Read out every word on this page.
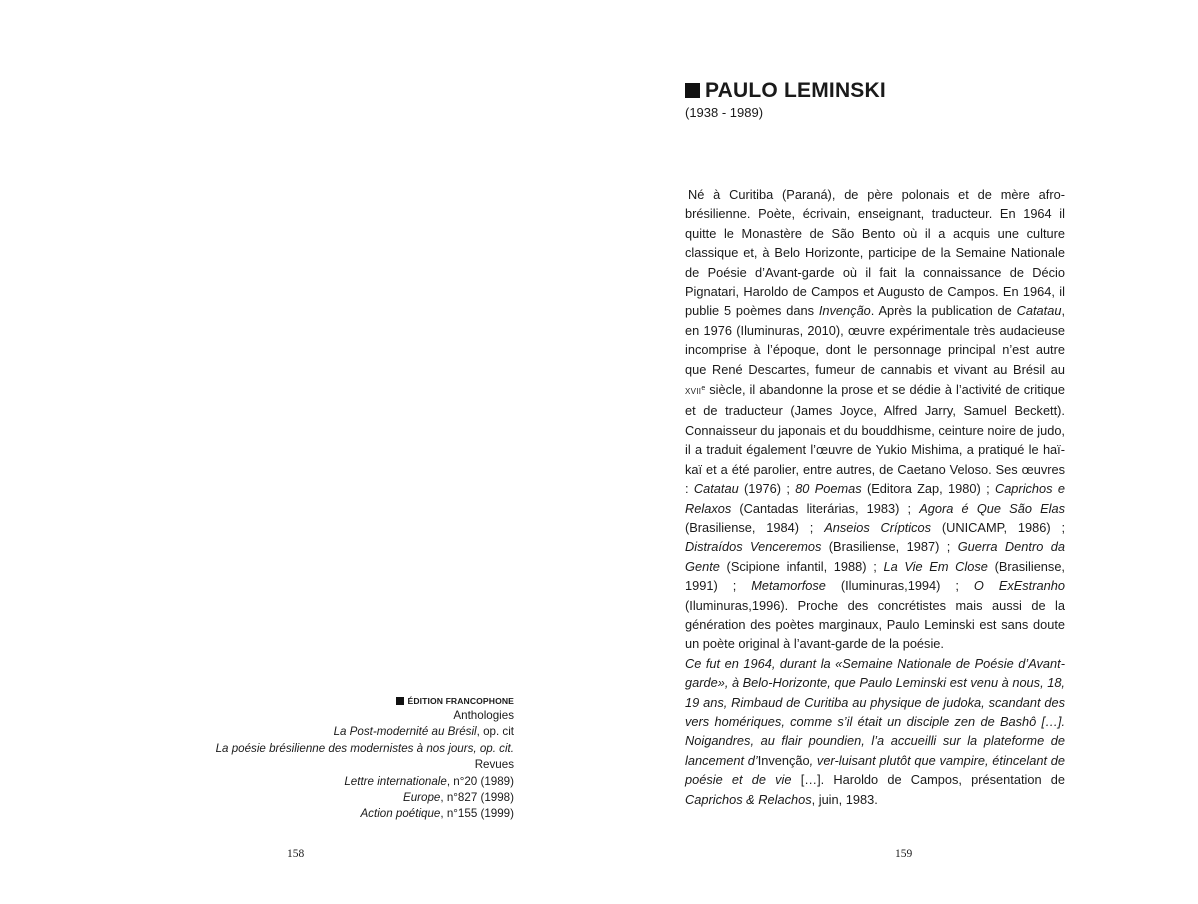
ÉDITION FRANCOPHONE
Anthologies
La Post-modernité au Brésil, op. cit
La poésie brésilienne des modernistes à nos jours, op. cit.
Revues
Lettre internationale, n°20 (1989)
Europe, n°827 (1998)
Action poétique, n°155 (1999)
158
PAULO LEMINSKI
(1938 - 1989)

Né à Curitiba (Paraná), de père polonais et de mère afro-brésilienne. Poète, écrivain, enseignant, traducteur. En 1964 il quitte le Monastère de São Bento où il a acquis une culture classique et, à Belo Horizonte, participe de la Semaine Nationale de Poésie d’Avant-garde où il fait la connaissance de Décio Pignatari, Haroldo de Campos et Augusto de Campos. En 1964, il publie 5 poèmes dans Invenção. Après la publication de Catatau, en 1976 (Iluminuras, 2010), œuvre expérimentale très audacieuse incomprise à l’époque, dont le personnage principal n’est autre que René Descartes, fumeur de cannabis et vivant au Brésil au XVIIe siècle, il abandonne la prose et se dédie à l’activité de critique et de traducteur (James Joyce, Alfred Jarry, Samuel Beckett). Connaisseur du japonais et du bouddhisme, ceinture noire de judo, il a traduit également l’œuvre de Yukio Mishima, a pratiqué le haï-kaï et a été parolier, entre autres, de Caetano Veloso. Ses œuvres : Catatau (1976) ; 80 Poemas (Editora Zap, 1980) ; Caprichos e Relaxos (Cantadas literárias, 1983) ; Agora é Que São Elas (Brasiliense, 1984) ; Anseios Crípticos (UNICAMP, 1986) ; Distraídos Venceremos (Brasiliense, 1987) ; Guerra Dentro da Gente (Scipione infantil, 1988) ; La Vie Em Close (Brasiliense, 1991) ; Metamorfose (Iluminuras,1994) ; O ExEstranho (Iluminuras,1996). Proche des concrétistes mais aussi de la génération des poètes marginaux, Paulo Leminski est sans doute un poète original à l’avant-garde de la poésie.

Ce fut en 1964, durant la «Semaine Nationale de Poésie d’Avant-garde», à Belo-Horizonte, que Paulo Leminski est venu à nous, 18, 19 ans, Rimbaud de Curitiba au physique de judoka, scandant des vers homériques, comme s’il était un disciple zen de Bashô […]. Noigandres, au flair poundien, l’a accueilli sur la plateforme de lancement d’Invenção, ver-luisant plutôt que vampire, étincelant de poésie et de vie […]. Haroldo de Campos, présentation de Caprichos & Relachos, juin, 1983.

159
